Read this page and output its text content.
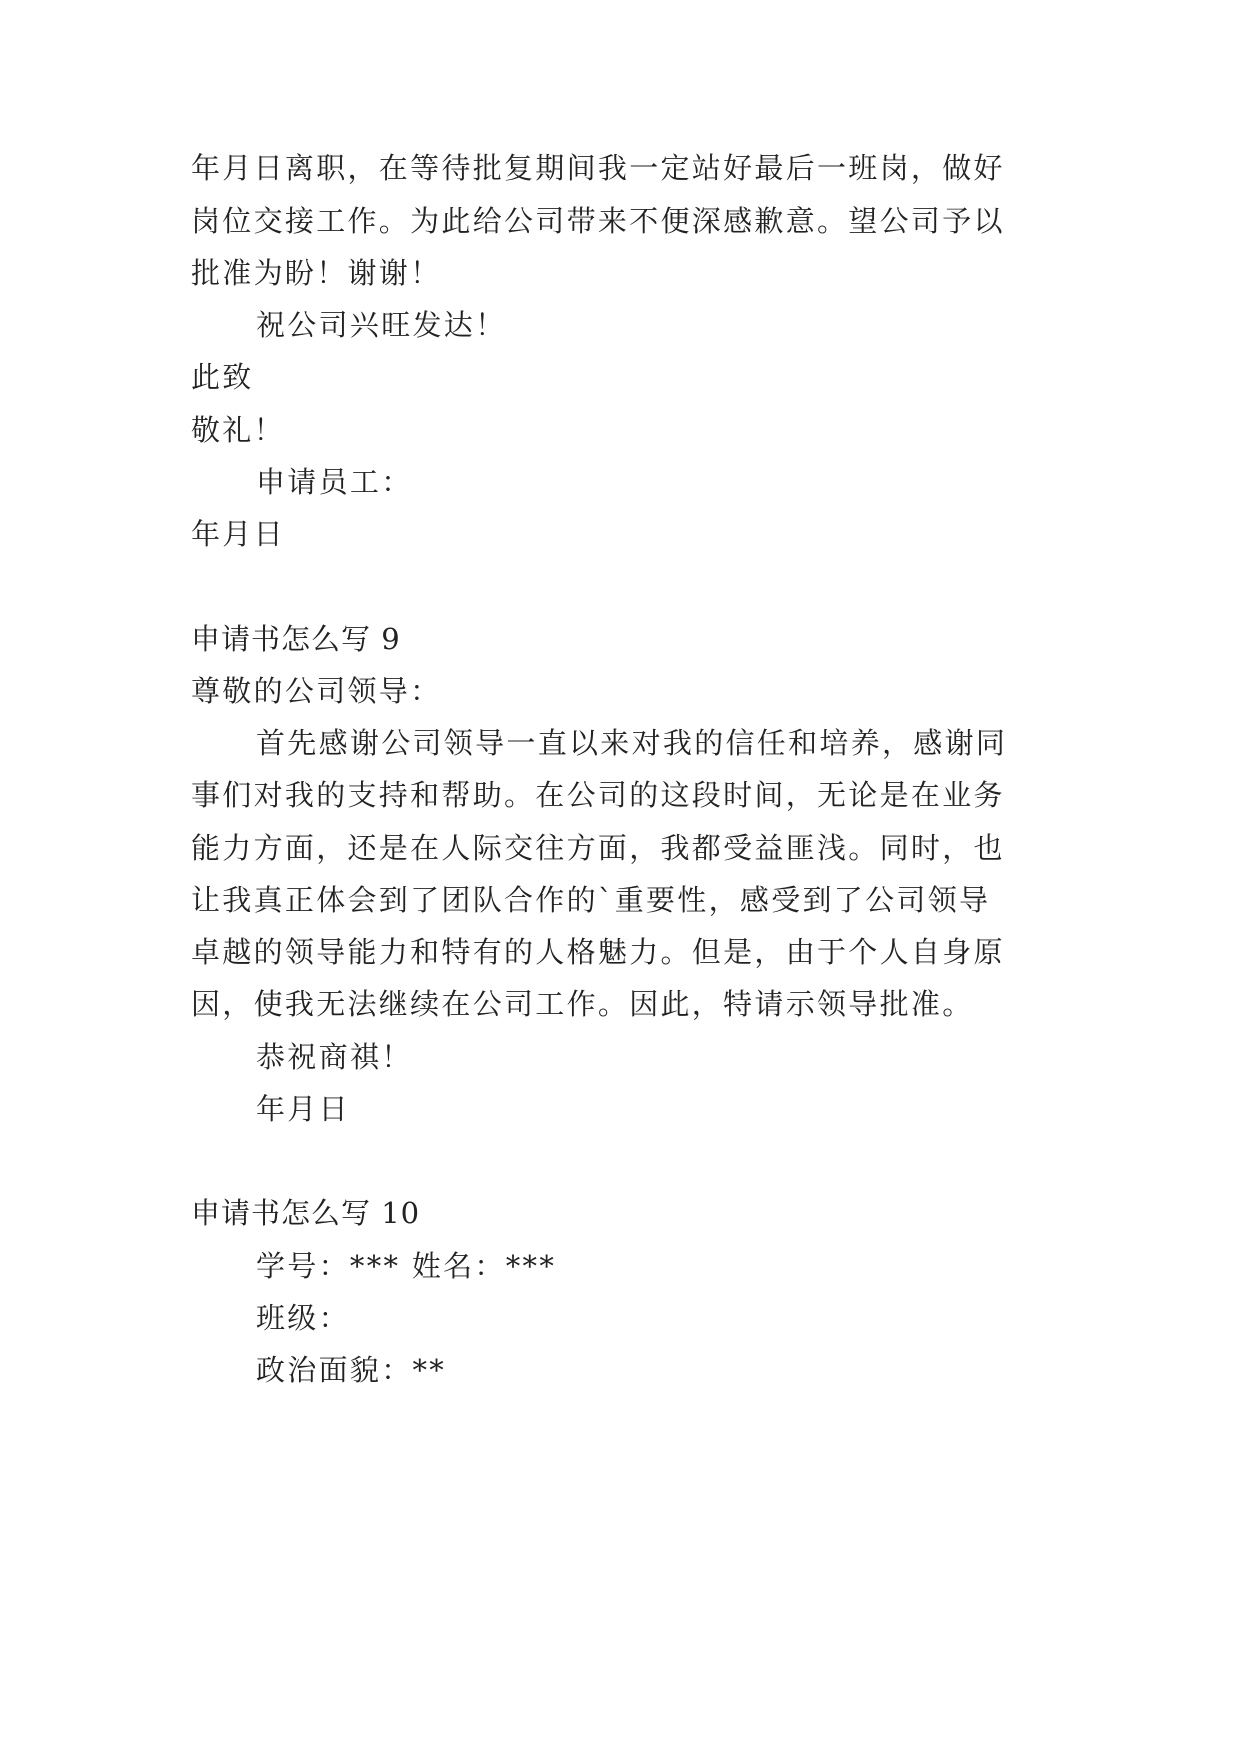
年月日离职，在等待批复期间我一定站好最后一班岗，做好
岗位交接工作。为此给公司带来不便深感歉意。望公司予以
批准为盼！谢谢！
祝公司兴旺发达！
此致
敬礼！
申请员工：
年月日
申请书怎么写 9
尊敬的公司领导：
首先感谢公司领导一直以来对我的信任和培养，感谢同
事们对我的支持和帮助。在公司的这段时间，无论是在业务
能力方面，还是在人际交往方面，我都受益匪浅。同时，也
让我真正体会到了团队合作的`重要性，感受到了公司领导
卓越的领导能力和特有的人格魅力。但是，由于个人自身原
因，使我无法继续在公司工作。因此，特请示领导批准。
恭祝商祺！
年月日
申请书怎么写 10
学号：*** 姓名：***
班级：
政治面貌：**
